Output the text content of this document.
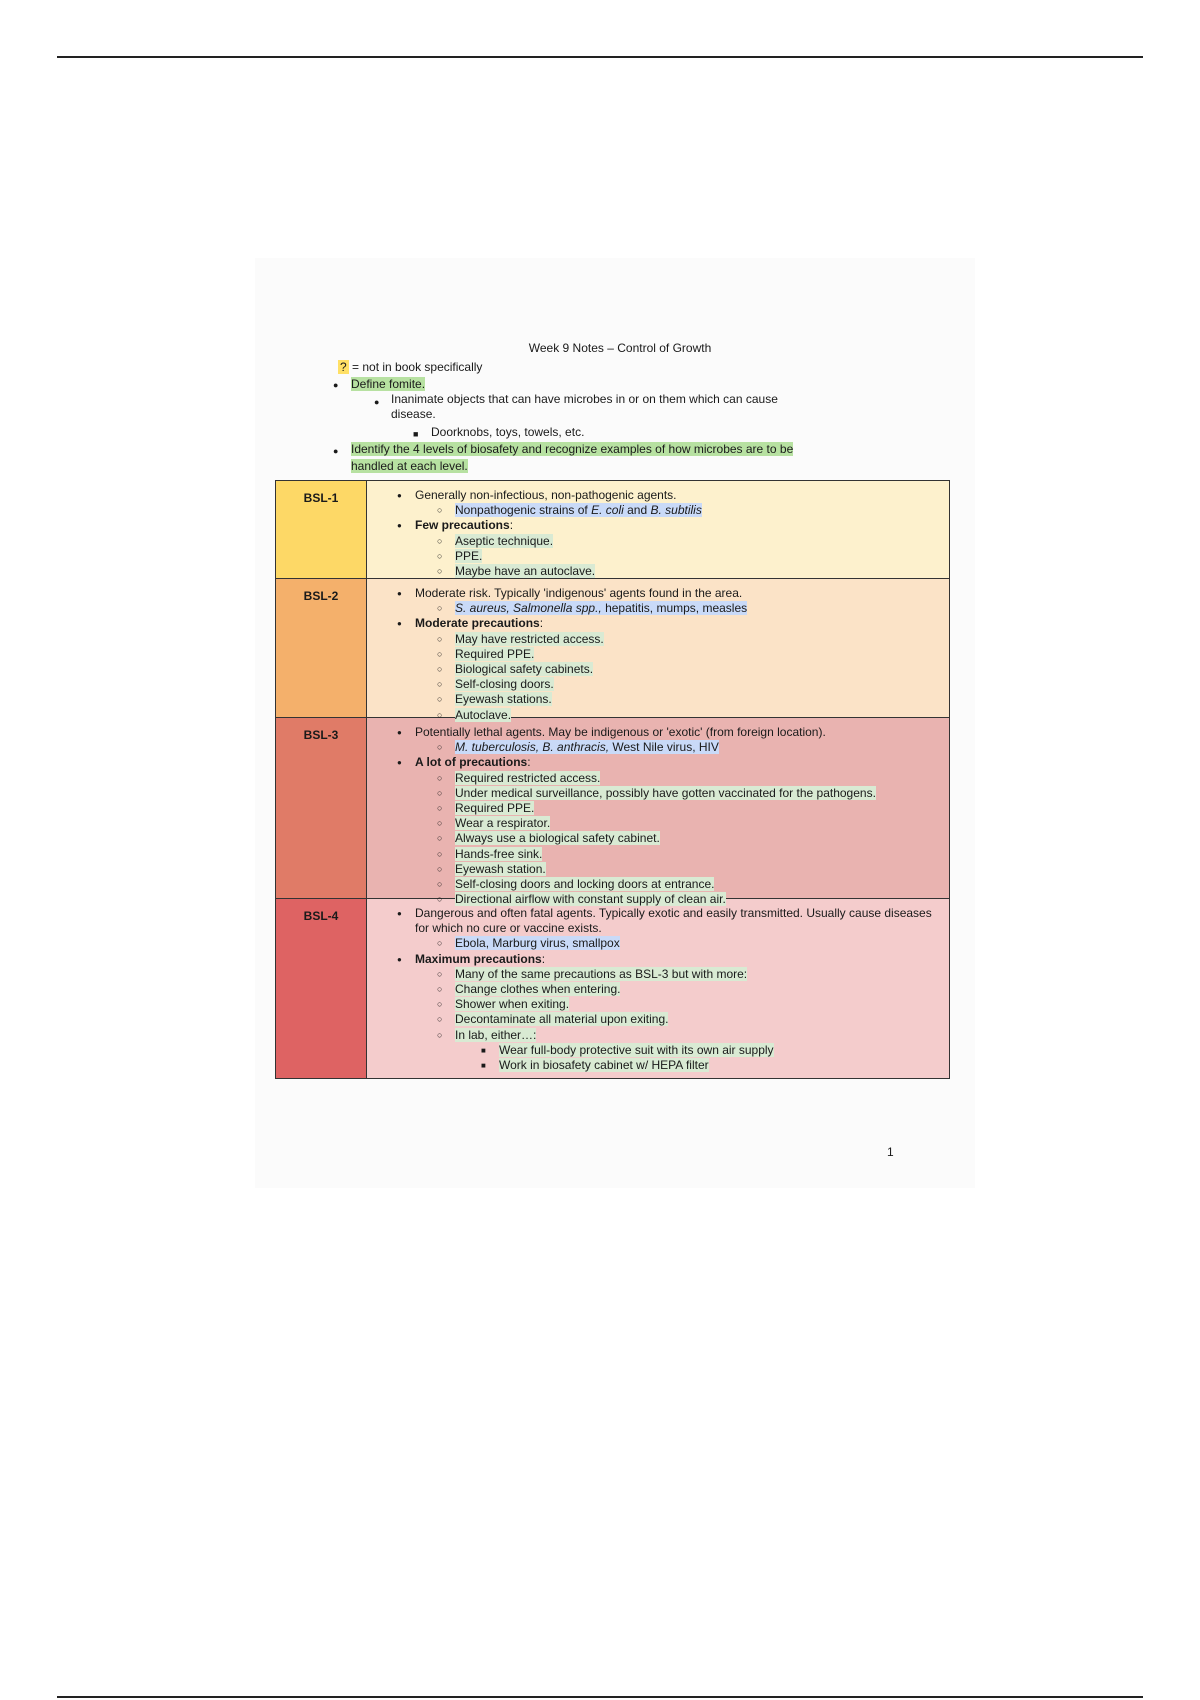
Week 9 Notes – Control of Growth
? = not in book specifically
● Define fomite.
● Inanimate objects that can have microbes in or on them which can cause disease.
■ Doorknobs, toys, towels, etc.
● Identify the 4 levels of biosafety and recognize examples of how microbes are to be handled at each level.
BSL-1	● Generally non-infectious, non-pathogenic agents.
○ Nonpathogenic strains of E. coli and B. subtilis
● Few precautions:
○ Aseptic technique.
○ PPE.
○ Maybe have an autoclave.
BSL-2	● Moderate risk. Typically 'indigenous' agents found in the area.
○ S. aureus, Salmonella spp., hepatitis, mumps, measles
● Moderate precautions:
○ May have restricted access.
○ Required PPE.
○ Biological safety cabinets.
○ Self-closing doors.
○ Eyewash stations.
○ Autoclave.
BSL-3	● Potentially lethal agents. May be indigenous or 'exotic' (from foreign location).
○ M. tuberculosis, B. anthracis, West Nile virus, HIV
● A lot of precautions:
○ Required restricted access.
○ Under medical surveillance, possibly have gotten vaccinated for the pathogens.
○ Required PPE.
○ Wear a respirator.
○ Always use a biological safety cabinet.
○ Hands-free sink.
○ Eyewash station.
○ Self-closing doors and locking doors at entrance.
○ Directional airflow with constant supply of clean air.
BSL-4	● Dangerous and often fatal agents. Typically exotic and easily transmitted. Usually cause diseases for which no cure or vaccine exists.
○ Ebola, Marburg virus, smallpox
● Maximum precautions:
○ Many of the same precautions as BSL-3 but with more:
○ Change clothes when entering.
○ Shower when exiting.
○ Decontaminate all material upon exiting.
○ In lab, either…:
■ Wear full-body protective suit with its own air supply
■ Work in biosafety cabinet w/ HEPA filter
1
